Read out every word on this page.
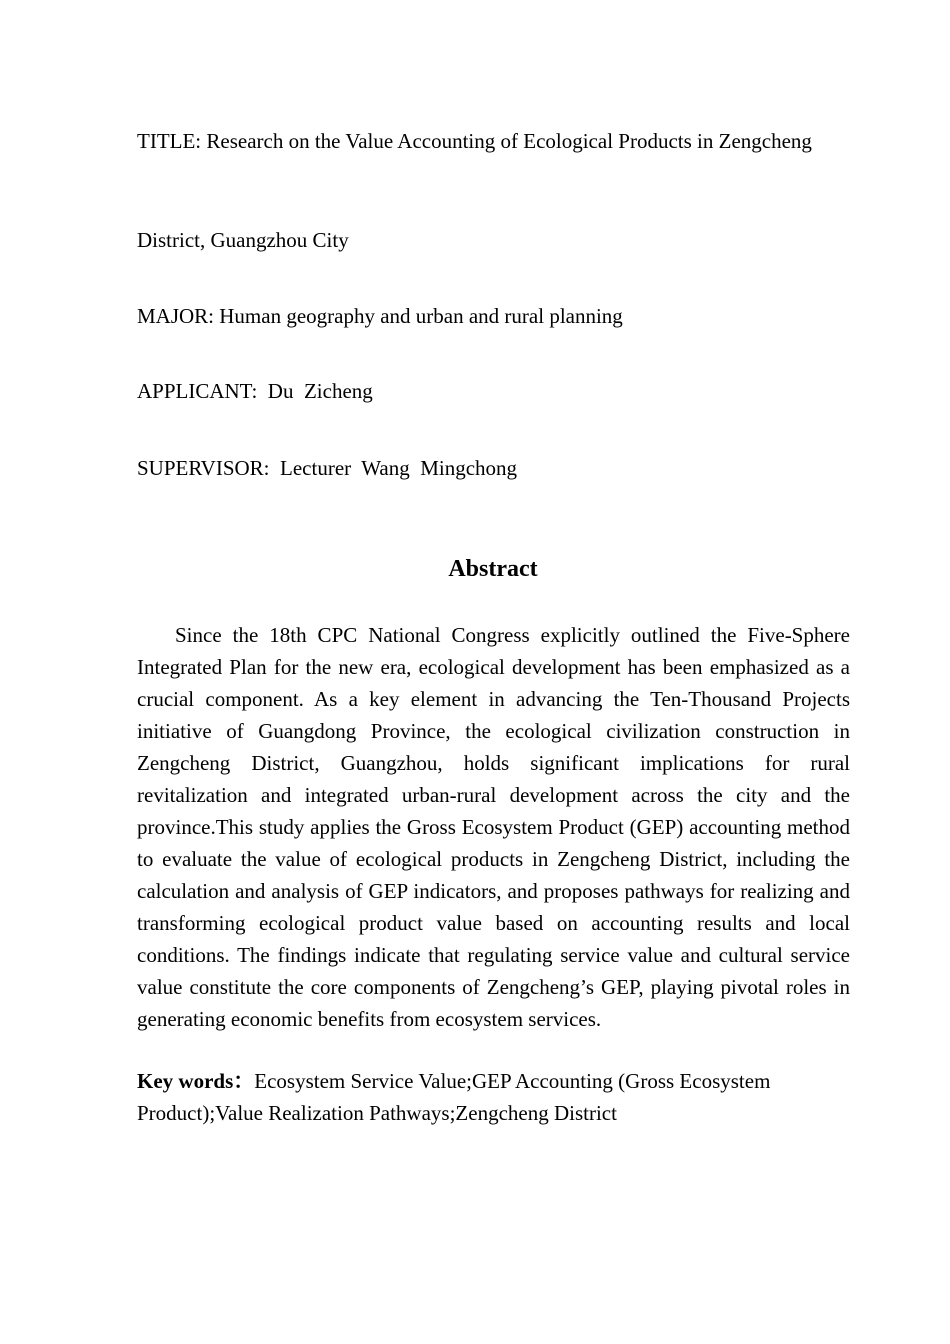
TITLE: Research on the Value Accounting of Ecological Products in Zengcheng
District, Guangzhou City
MAJOR: Human geography and urban and rural planning
APPLICANT:  Du  Zicheng
SUPERVISOR:  Lecturer  Wang  Mingchong
Abstract

Since the 18th CPC National Congress explicitly outlined the Five-Sphere Integrated Plan for the new era, ecological development has been emphasized as a crucial component. As a key element in advancing the Ten-Thousand Projects initiative of Guangdong Province, the ecological civilization construction in Zengcheng District, Guangzhou, holds significant implications for rural revitalization and integrated urban-rural development across the city and the province.This study applies the Gross Ecosystem Product (GEP) accounting method to evaluate the value of ecological products in Zengcheng District, including the calculation and analysis of GEP indicators, and proposes pathways for realizing and transforming ecological product value based on accounting results and local conditions. The findings indicate that regulating service value and cultural service value constitute the core components of Zengcheng’s GEP, playing pivotal roles in generating economic benefits from ecosystem services.

Key words：Ecosystem Service Value;GEP Accounting (Gross Ecosystem Product);Value Realization Pathways;Zengcheng District
